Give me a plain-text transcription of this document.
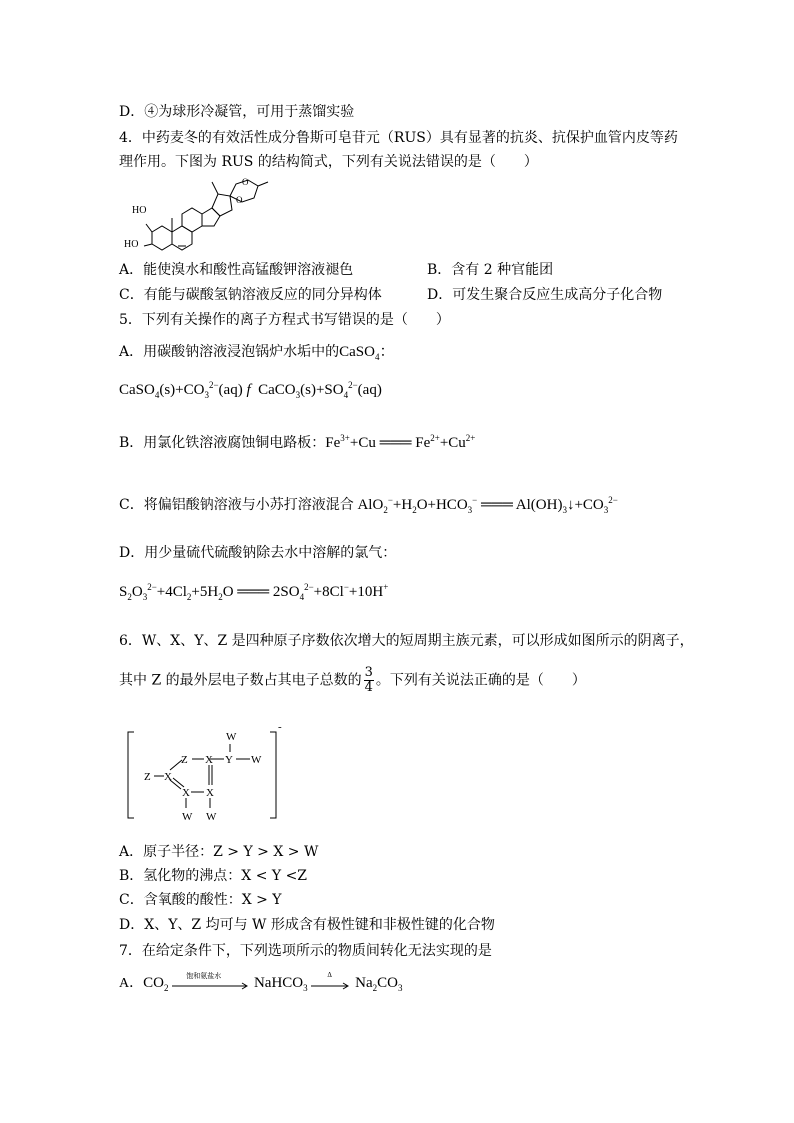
D．④为球形冷凝管，可用于蒸馏实验
4．中药麦冬的有效活性成分鲁斯可皂苷元（RUS）具有显著的抗炎、抗保护血管内皮等药
理作用。下图为 RUS 的结构简式，下列有关说法错误的是（　　）
HO
HO
O
O
A．能使溴水和酸性高锰酸钾溶液褪色	B．含有 2 种官能团
C．有能与碳酸氢钠溶液反应的同分异构体	D．可发生聚合反应生成高分子化合物
5．下列有关操作的离子方程式书写错误的是（　　）
A．用碳酸钠溶液浸泡锅炉水垢中的CaSO$_4$：
$CaSO_4(s)+CO_3^{2-}(aq)$ f  $CaCO_3(s)+SO_4^{2-}(aq)$
B．用氯化铁溶液腐蚀铜电路板：$Fe^{3+}+Cu$ ═══ $Fe^{2+}+Cu^{2+}$
C．将偏铝酸钠溶液与小苏打溶液混合 $AlO_2^-+H_2O+HCO_3^-$ ═══ $Al(OH)_3↓+CO_3^{2-}$
D．用少量硫代硫酸钠除去水中溶解的氯气：
$S_2O_3^{2-}+4Cl_2+5H_2O$ ═══ $2SO_4^{2-}+8Cl^-+10H^+$
6．W、X、Y、Z 是四种原子序数依次增大的短周期主族元素，可以形成如图所示的阴离子，
其中 Z 的最外层电子数占其电子总数的 $\frac{3}{4}$ 。下列有关说法正确的是（　　）
W
Z X Y W
Z X
X X
W W
-
A．原子半径：Z > Y > X > W
B．氢化物的沸点：X < Y <Z
C．含氧酸的酸性：X > Y
D．X、Y、Z 均可与 W 形成含有极性键和非极性键的化合物
7．在给定条件下，下列选项所示的物质间转化无法实现的是
A．$CO_2$
饱和氨盐水 NaHCO$_3$
Δ
$Na_2CO_3$
